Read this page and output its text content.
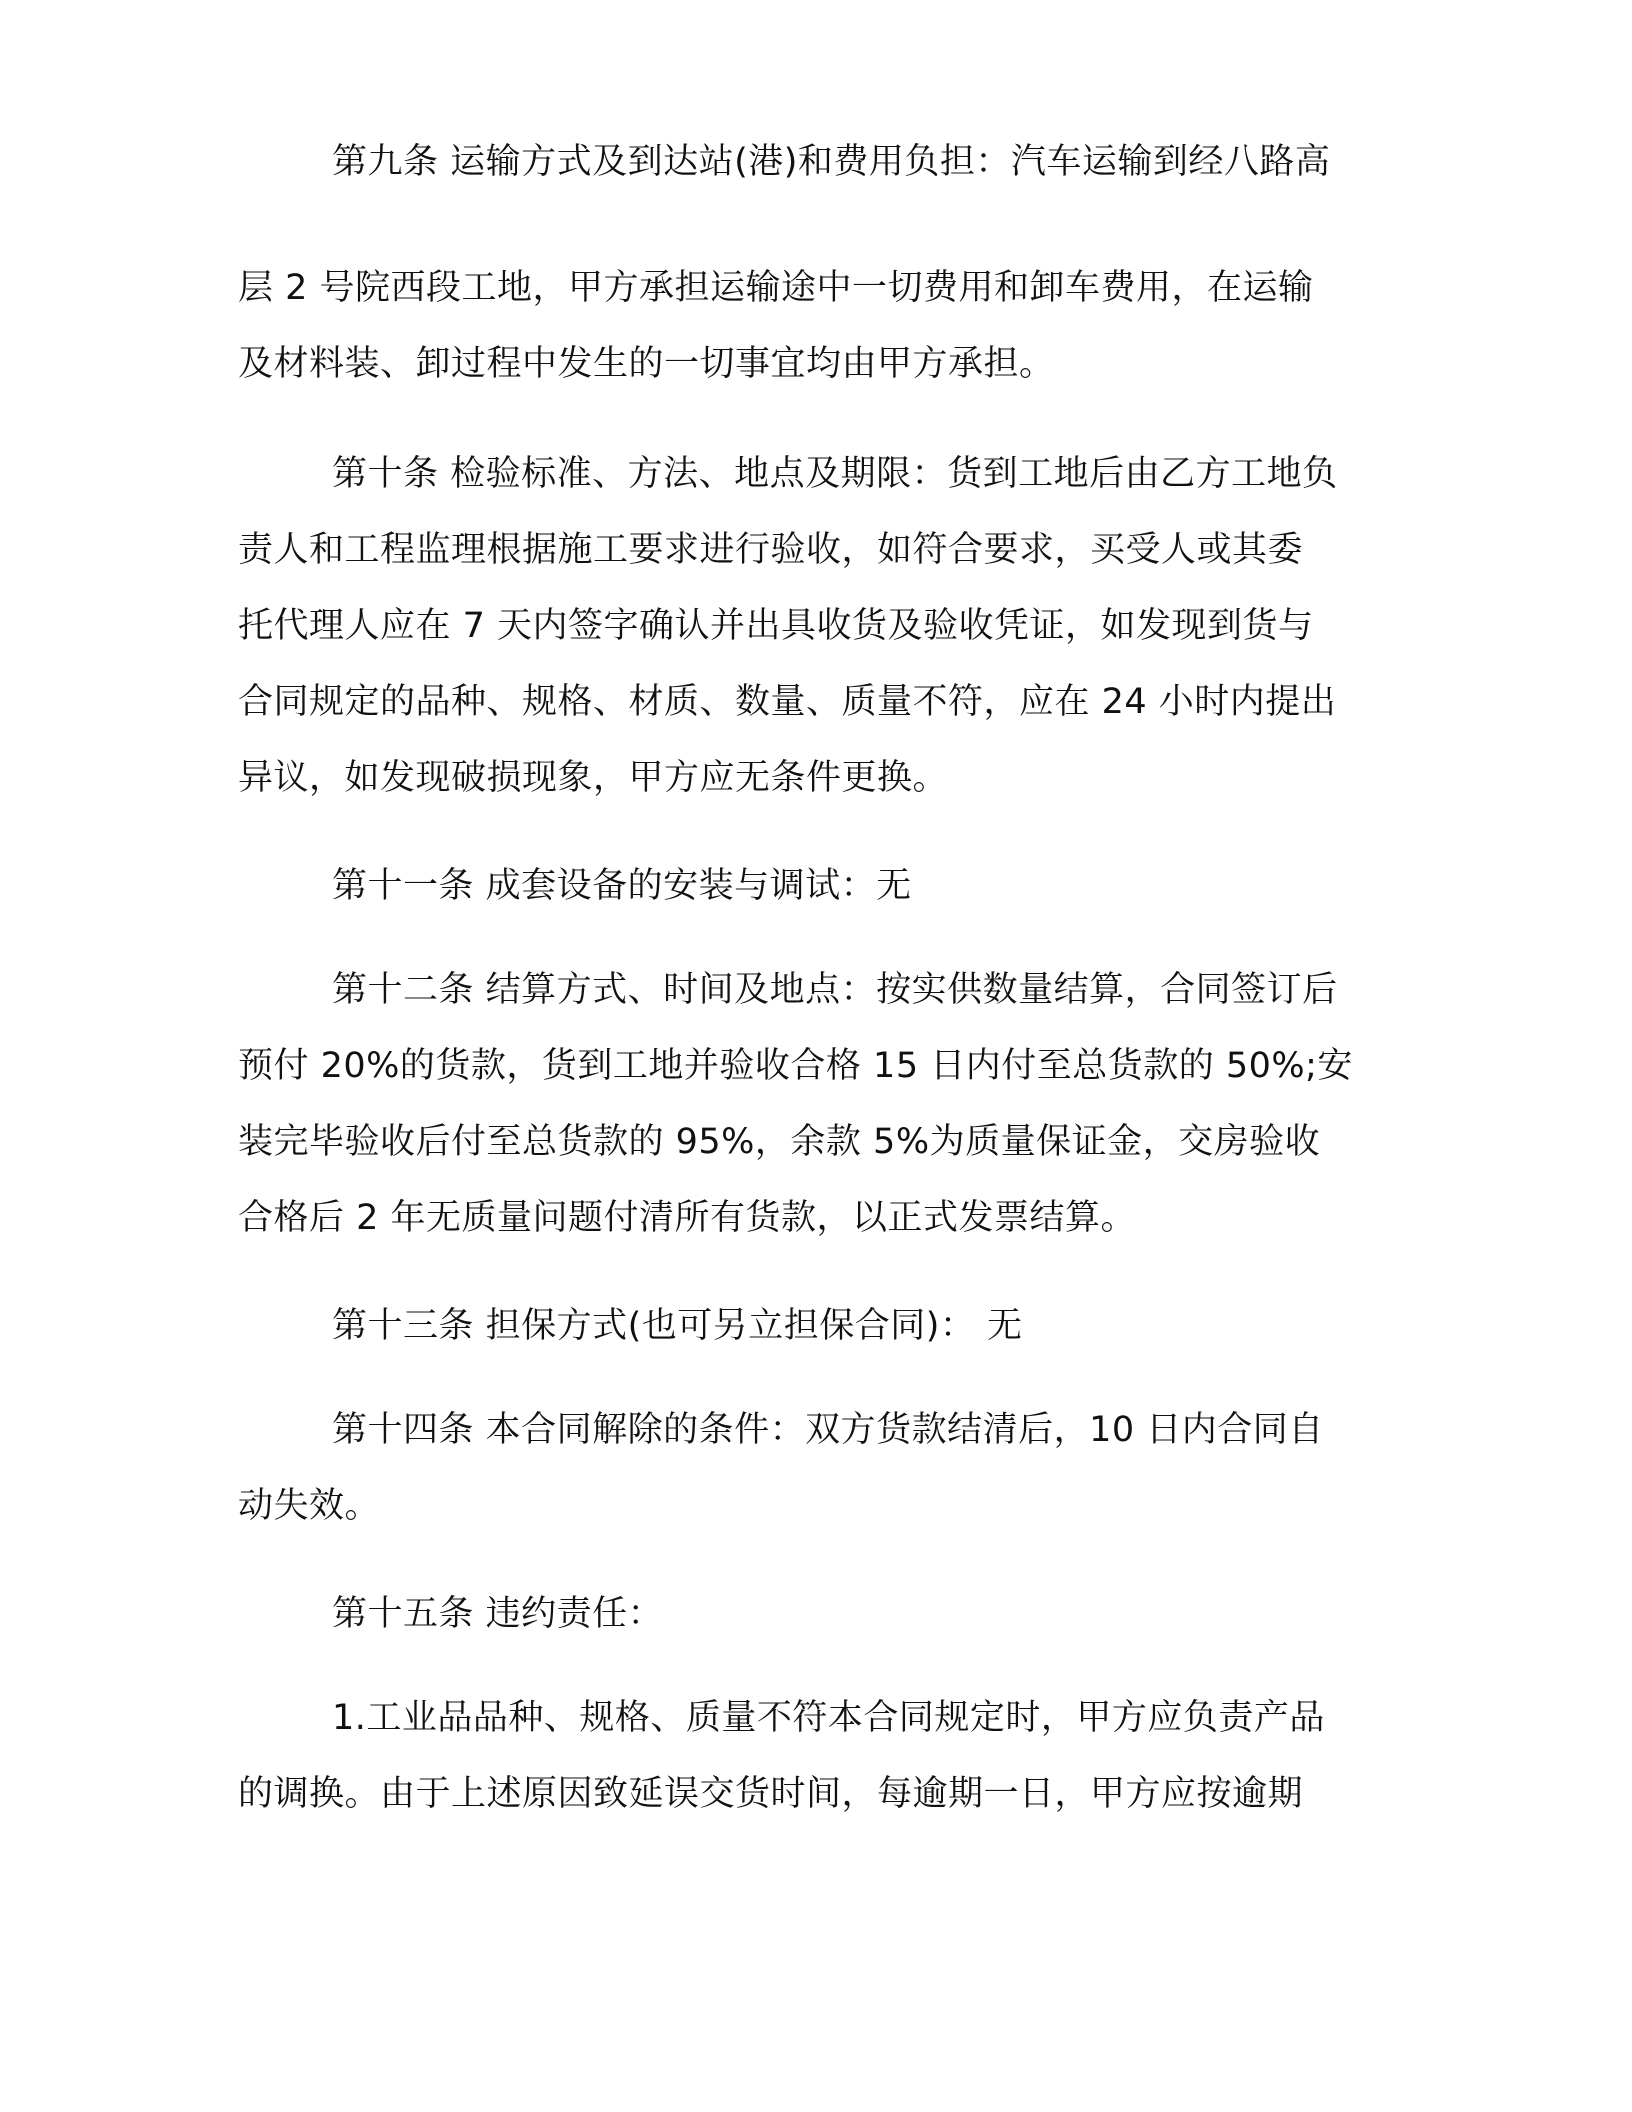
第九条 运输方式及到达站(港)和费用负担：汽车运输到经八路高

层 2 号院西段工地，甲方承担运输途中一切费用和卸车费用，在运输

及材料装、卸过程中发生的一切事宜均由甲方承担。

第十条 检验标准、方法、地点及期限：货到工地后由乙方工地负

责人和工程监理根据施工要求进行验收，如符合要求，买受人或其委

托代理人应在 7 天内签字确认并出具收货及验收凭证，如发现到货与

合同规定的品种、规格、材质、数量、质量不符，应在 24 小时内提出

异议，如发现破损现象，甲方应无条件更换。

第十一条 成套设备的安装与调试：无

第十二条 结算方式、时间及地点：按实供数量结算，合同签订后

预付 20%的货款，货到工地并验收合格 15 日内付至总货款的 50%;安

装完毕验收后付至总货款的 95%，余款 5%为质量保证金，交房验收

合格后 2 年无质量问题付清所有货款，以正式发票结算。

第十三条 担保方式(也可另立担保合同)： 无

第十四条 本合同解除的条件：双方货款结清后，10 日内合同自

动失效。

第十五条 违约责任：

1.工业品品种、规格、质量不符本合同规定时，甲方应负责产品

的调换。由于上述原因致延误交货时间，每逾期一日，甲方应按逾期
